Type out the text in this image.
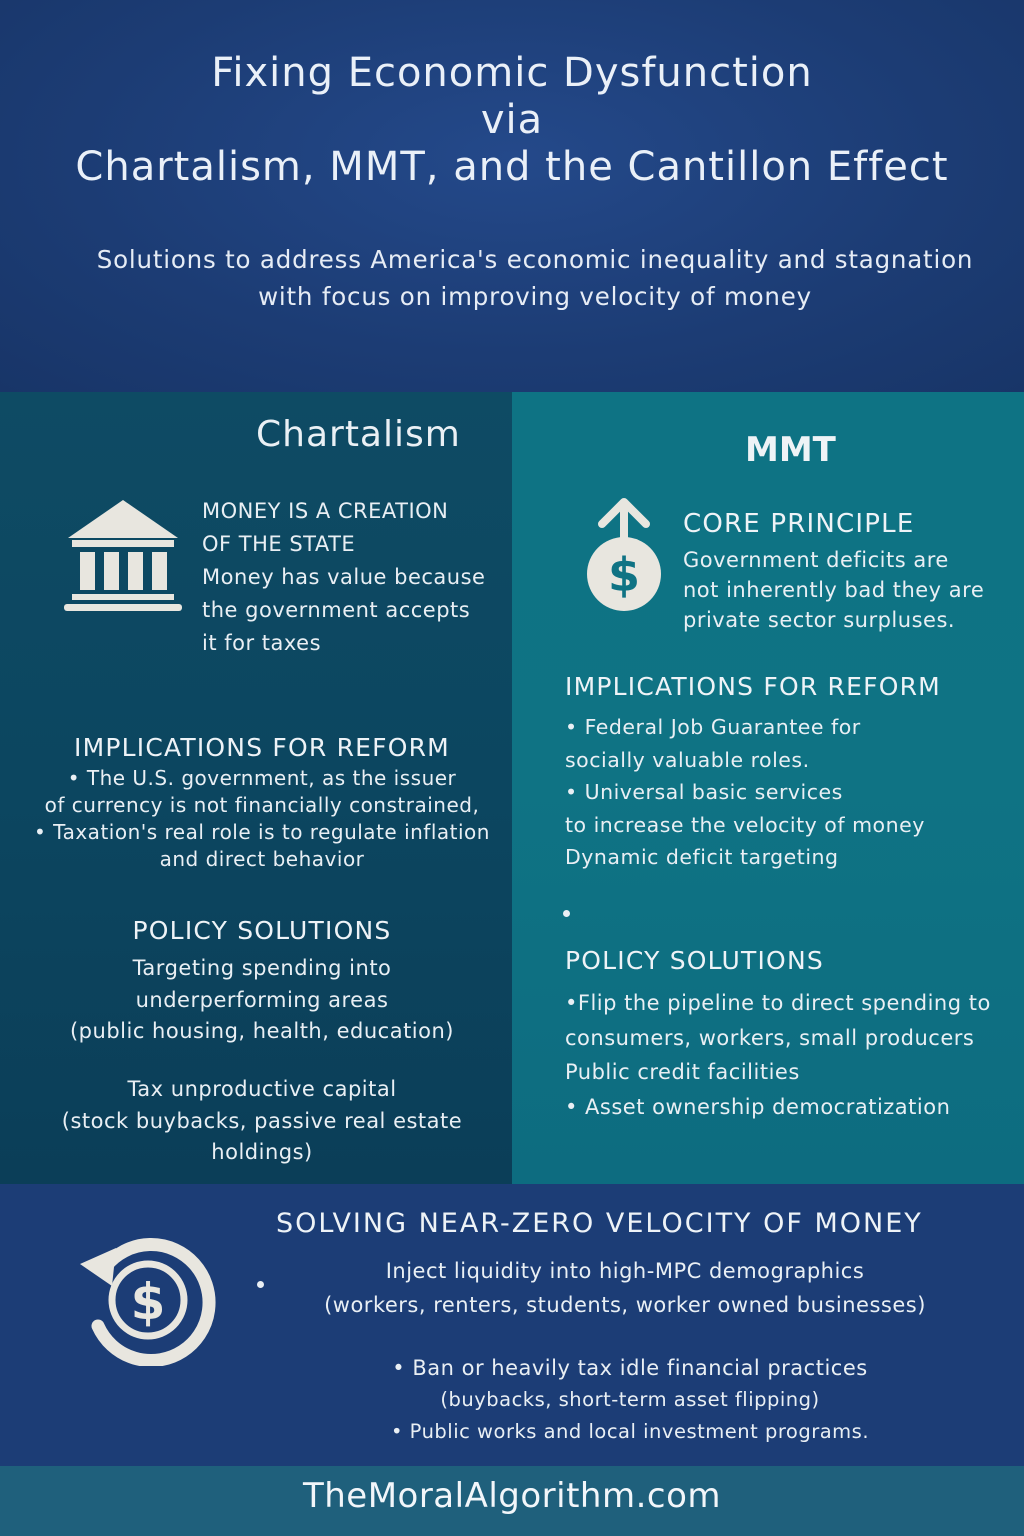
Fixing Economic Dysfunction
via
Chartalism, MMT, and the Cantillon Effect
Solutions to address America's economic inequality and stagnation
with focus on improving velocity of money
Chartalism
MONEY IS A CREATION
OF THE STATE
Money has value because
the government accepts
it for taxes
IMPLICATIONS FOR REFORM
• The U.S. government, as the issuer
of currency is not financially constrained,
• Taxation's real role is to regulate inflation
and direct behavior
POLICY SOLUTIONS
Targeting spending into
underperforming areas
(public housing, health, education)
Tax unproductive capital
(stock buybacks, passive real estate
holdings)
MMT
$
CORE PRINCIPLE
Government deficits are
not inherently bad they are
private sector surpluses.
IMPLICATIONS FOR REFORM
• Federal Job Guarantee for
socially valuable roles.
• Universal basic services
to increase the velocity of money
Dynamic deficit targeting
POLICY SOLUTIONS
•Flip the pipeline to direct spending to
consumers, workers, small producers
Public credit facilities
• Asset ownership democratization
$
SOLVING NEAR-ZERO VELOCITY OF MONEY
Inject liquidity into high-MPC demographics
(workers, renters, students, worker owned businesses)
• Ban or heavily tax idle financial practices
(buybacks, short-term asset flipping)
• Public works and local investment programs.
TheMoralAlgorithm.com
